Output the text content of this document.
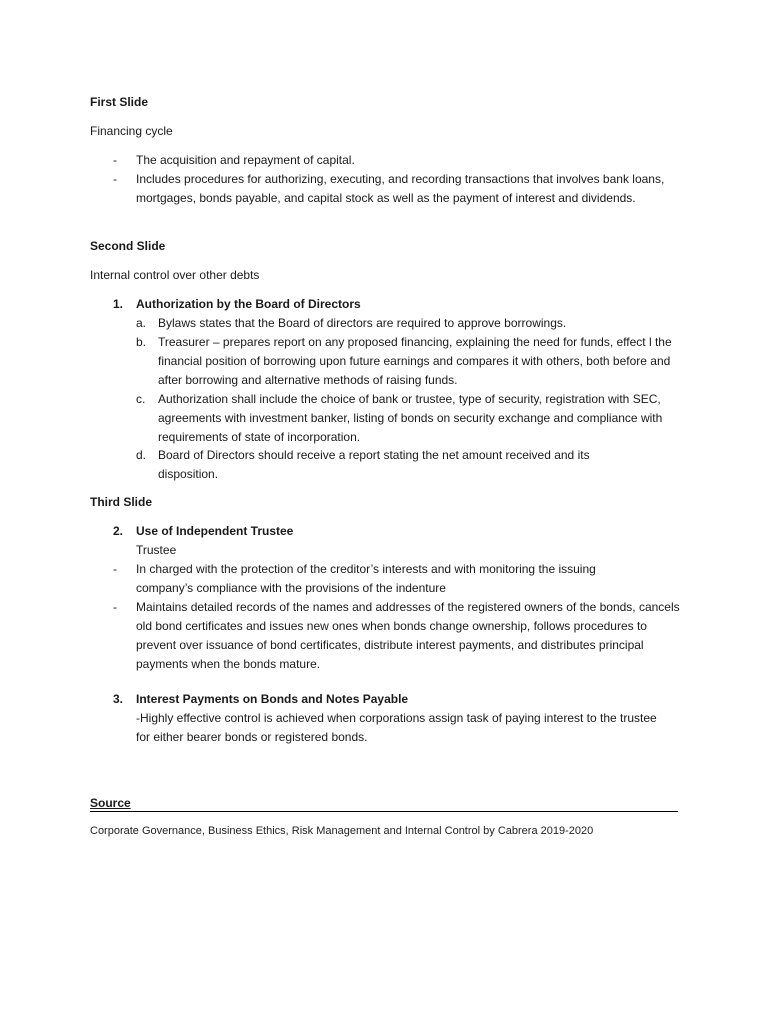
First Slide
Financing cycle
- The acquisition and repayment of capital.
- Includes procedures for authorizing, executing, and recording transactions that involves bank loans, mortgages, bonds payable, and capital stock as well as the payment of interest and dividends.
Second Slide
Internal control over other debts
1. Authorization by the Board of Directors
a. Bylaws states that the Board of directors are required to approve borrowings.
b. Treasurer – prepares report on any proposed financing, explaining the need for funds, effect l the financial position of borrowing upon future earnings and compares it with others, both before and after borrowing and alternative methods of raising funds.
c. Authorization shall include the choice of bank or trustee, type of security, registration with SEC, agreements with investment banker, listing of bonds on security exchange and compliance with requirements of state of incorporation.
d. Board of Directors should receive a report stating the net amount received and its disposition.
Third Slide
2. Use of Independent Trustee
Trustee
- In charged with the protection of the creditor’s interests and with monitoring the issuing company’s compliance with the provisions of the indenture
- Maintains detailed records of the names and addresses of the registered owners of the bonds, cancels old bond certificates and issues new ones when bonds change ownership, follows procedures to prevent over issuance of bond certificates, distribute interest payments, and distributes principal payments when the bonds mature.
3. Interest Payments on Bonds and Notes Payable
-Highly effective control is achieved when corporations assign task of paying interest to the trustee for either bearer bonds or registered bonds.
Source
Corporate Governance, Business Ethics, Risk Management and Internal Control by Cabrera 2019-2020
